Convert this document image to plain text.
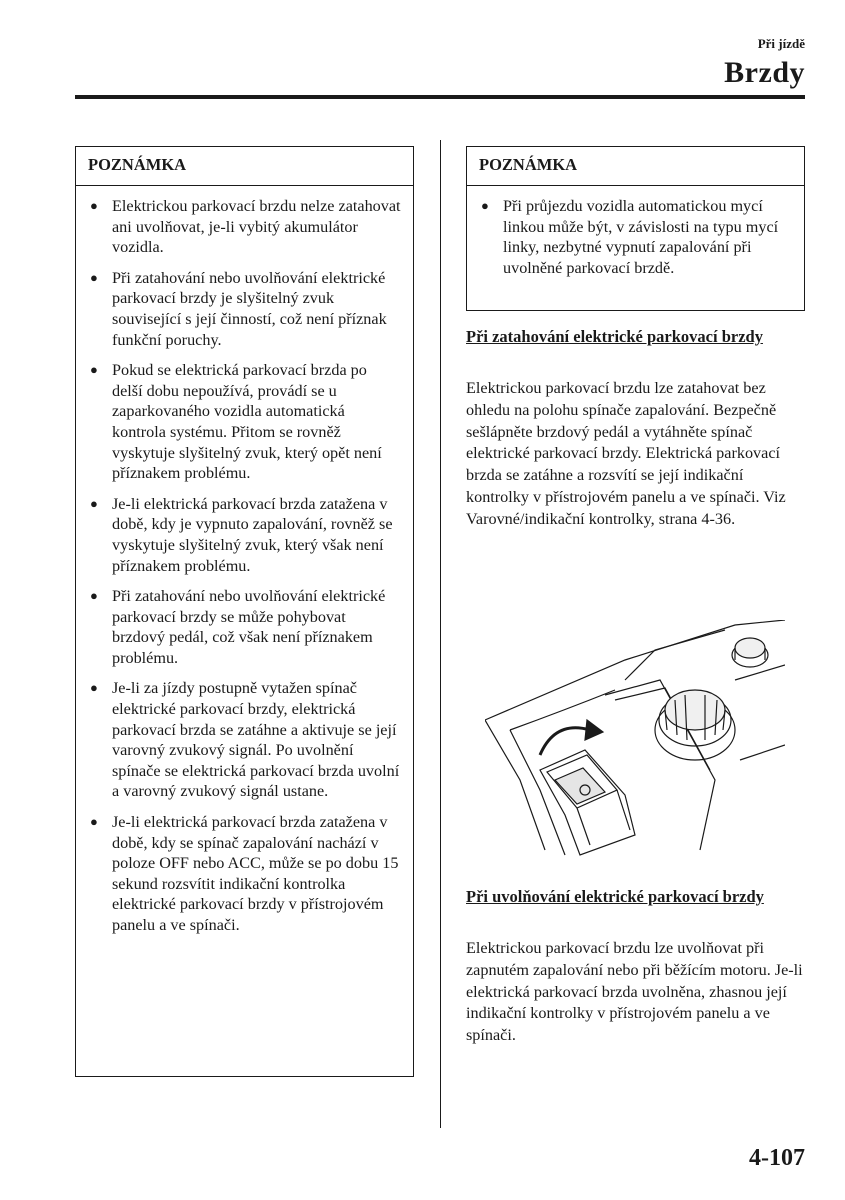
Při jízdě
Brzdy
POZNÁMKA
● Elektrickou parkovací brzdu nelze zatahovat ani uvolňovat, je-li vybitý akumulátor vozidla.
● Při zatahování nebo uvolňování elektrické parkovací brzdy je slyšitelný zvuk související s její činností, což není příznak funkční poruchy.
● Pokud se elektrická parkovací brzda po delší dobu nepoužívá, provádí se u zaparkovaného vozidla automatická kontrola systému. Přitom se rovněž vyskytuje slyšitelný zvuk, který opět není příznakem problému.
● Je-li elektrická parkovací brzda zatažena v době, kdy je vypnuto zapalování, rovněž se vyskytuje slyšitelný zvuk, který však není příznakem problému.
● Při zatahování nebo uvolňování elektrické parkovací brzdy se může pohybovat brzdový pedál, což však není příznakem problému.
● Je-li za jízdy postupně vytažen spínač elektrické parkovací brzdy, elektrická parkovací brzda se zatáhne a aktivuje se její varovný zvukový signál. Po uvolnění spínače se elektrická parkovací brzda uvolní a varovný zvukový signál ustane.
● Je-li elektrická parkovací brzda zatažena v době, kdy se spínač zapalování nachází v poloze OFF nebo ACC, může se po dobu 15 sekund rozsvítit indikační kontrolka elektrické parkovací brzdy v přístrojovém panelu a ve spínači.
POZNÁMKA
● Při průjezdu vozidla automatickou mycí linkou může být, v závislosti na typu mycí linky, nezbytné vypnutí zapalování při uvolněné parkovací brzdě.
Při zatahování elektrické parkovací brzdy
Elektrickou parkovací brzdu lze zatahovat bez ohledu na polohu spínače zapalování. Bezpečně sešlápněte brzdový pedál a vytáhněte spínač elektrické parkovací brzdy. Elektrická parkovací brzda se zatáhne a rozsvítí se její indikační kontrolky v přístrojovém panelu a ve spínači. Viz Varovné/indikační kontrolky, strana 4-36.
Při uvolňování elektrické parkovací brzdy
Elektrickou parkovací brzdu lze uvolňovat při zapnutém zapalování nebo při běžícím motoru. Je-li elektrická parkovací brzda uvolněna, zhasnou její indikační kontrolky v přístrojovém panelu a ve spínači.
4-107
